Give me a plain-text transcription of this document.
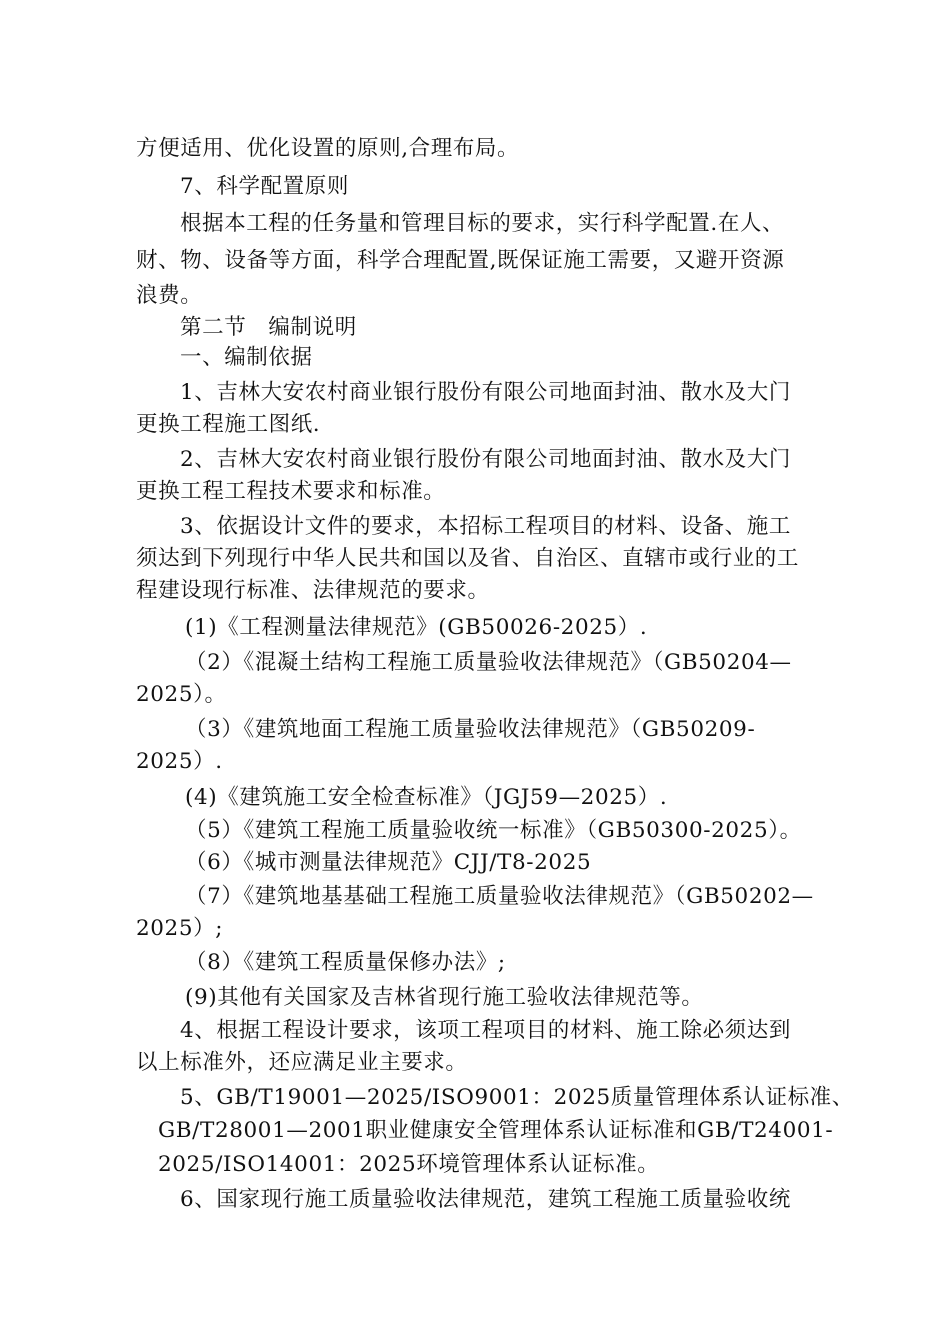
方便适用、优化设置的原则,合理布局。
7、科学配置原则
根据本工程的任务量和管理目标的要求，实行科学配置.在人、
财、物、设备等方面，科学合理配置,既保证施工需要，又避开资源
浪费。
第二节　编制说明
一、编制依据
1、吉林大安农村商业银行股份有限公司地面封油、散水及大门
更换工程施工图纸.
2、吉林大安农村商业银行股份有限公司地面封油、散水及大门
更换工程工程技术要求和标准。
3、依据设计文件的要求，本招标工程项目的材料、设备、施工
须达到下列现行中华人民共和国以及省、自治区、直辖市或行业的工
程建设现行标准、法律规范的要求。
(1)《工程测量法律规范》(GB50026-2025）.
（2）《混凝土结构工程施工质量验收法律规范》（GB50204—
2025）。
（3）《建筑地面工程施工质量验收法律规范》（GB50209-
2025）.
(4)《建筑施工安全检查标准》（JGJ59—2025）.
（5）《建筑工程施工质量验收统一标准》（GB50300-2025）。
（6）《城市测量法律规范》CJJ/T8-2025
（7）《建筑地基基础工程施工质量验收法律规范》（GB50202—
2025）;
（8）《建筑工程质量保修办法》;
(9)其他有关国家及吉林省现行施工验收法律规范等。
4、根据工程设计要求，该项工程项目的材料、施工除必须达到
以上标准外，还应满足业主要求。
5、GB/T19001—2025/ISO9001：2025质量管理体系认证标准、
GB/T28001—2001职业健康安全管理体系认证标准和GB/T24001-
2025/ISO14001：2025环境管理体系认证标准。
6、国家现行施工质量验收法律规范，建筑工程施工质量验收统
